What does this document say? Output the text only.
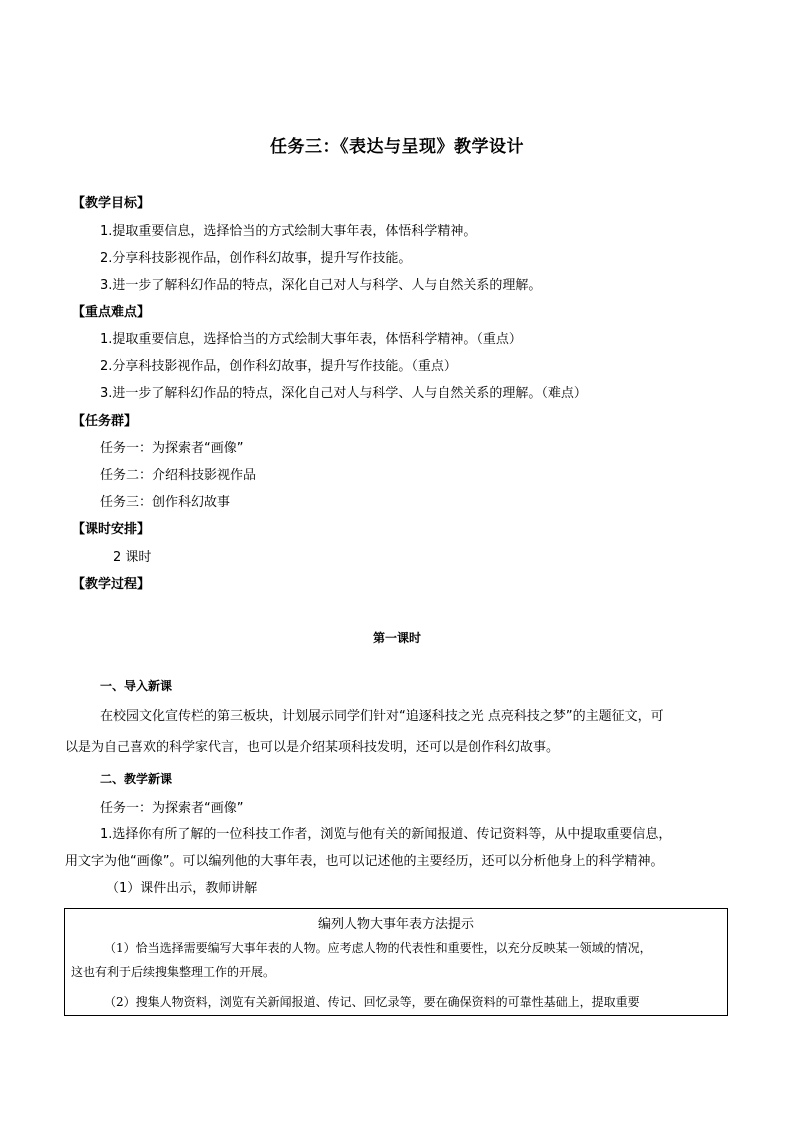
任务三：《表达与呈现》教学设计
【教学目标】
1.提取重要信息，选择恰当的方式绘制大事年表，体悟科学精神。
2.分享科技影视作品，创作科幻故事，提升写作技能。
3.进一步了解科幻作品的特点，深化自己对人与科学、人与自然关系的理解。
【重点难点】
1.提取重要信息，选择恰当的方式绘制大事年表，体悟科学精神。（重点）
2.分享科技影视作品，创作科幻故事，提升写作技能。（重点）
3.进一步了解科幻作品的特点，深化自己对人与科学、人与自然关系的理解。（难点）
【任务群】
任务一：为探索者“画像”
任务二：介绍科技影视作品
任务三：创作科幻故事
【课时安排】
2 课时
【教学过程】
第一课时
一、导入新课
在校园文化宣传栏的第三板块，计划展示同学们针对“追逐科技之光 点亮科技之梦”的主题征文，可
以是为自己喜欢的科学家代言，也可以是介绍某项科技发明，还可以是创作科幻故事。
二、教学新课
任务一：为探索者“画像”
1.选择你有所了解的一位科技工作者，浏览与他有关的新闻报道、传记资料等，从中提取重要信息，
用文字为他“画像”。可以编列他的大事年表，也可以记述他的主要经历，还可以分析他身上的科学精神。
（1）课件出示，教师讲解
编列人物大事年表方法提示
（1）恰当选择需要编写大事年表的人物。应考虑人物的代表性和重要性，以充分反映某一领域的情况，
这也有利于后续搜集整理工作的开展。
（2）搜集人物资料，浏览有关新闻报道、传记、回忆录等，要在确保资料的可靠性基础上，提取重要
